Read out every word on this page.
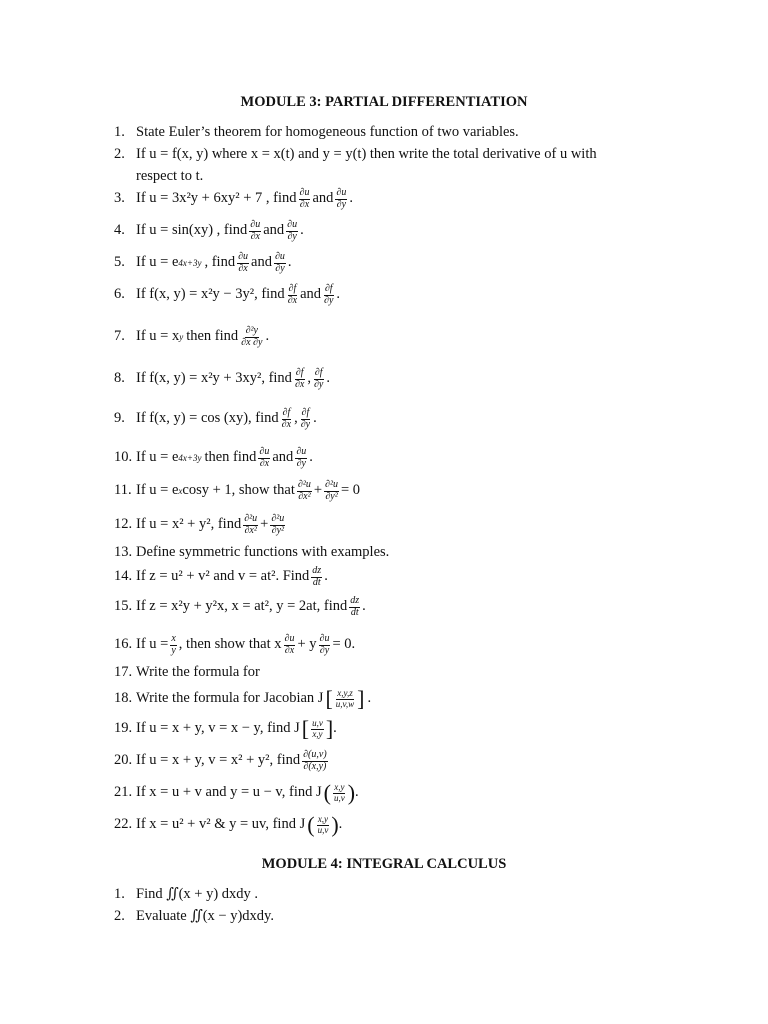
MODULE 3: PARTIAL DIFFERENTIATION
1. State Euler’s theorem for homogeneous function of two variables.
2. If u = f(x, y) where x = x(t) and y = y(t) then write the total derivative of u with
respect to t.
3. If u = 3x²y + 6xy² + 7 , find $\frac{\partial u}{\partial x}$ and $\frac{\partial u}{\partial y}$ .
4. If u = sin(xy) , find $\frac{\partial u}{\partial x}$ and $\frac{\partial u}{\partial y}$ .
5. If u = e 4x+3y , find $\frac{\partial u}{\partial x}$ and $\frac{\partial u}{\partial y}$ .
6. If f(x, y) = x²y − 3y², find $\frac{\partial f}{\partial x}$ and $\frac{\partial f}{\partial y}$ .
7. If u = x y then find $\frac{\text{∂²y}}{\partial x \partial y}$ .
8. If f(x, y) = x²y + 3xy², find $\frac{\partial f}{\partial x}$ , $\frac{\partial f}{\partial y}$ .
9. If f(x, y) = cos (xy), find $\frac{\partial f}{\partial x}$ , $\frac{\partial f}{\partial y}$ .
10. If u = e 4x+3y then find $\frac{\partial u}{\partial x}$ and $\frac{\partial u}{\partial y}$ .
11. If u = e x cosy + 1, show that $\frac{\text{∂²u}}{\text{∂x²}} + \frac{\text{∂²u}}{\text{∂y²}} = 0$
12. If u = x² + y², find $\frac{\text{∂²u}}{\text{∂x²}} + \frac{\text{∂²u}}{\text{∂y²}}$
13. Define symmetric functions with examples.
14. If z = u² + v² and v = at². Find $\frac{dz}{dt}$ .
15. If z = x²y + y²x, x = at², y = 2at, find $\frac{dz}{dt}$ .
16. If $u = \frac{x}{y}$ , then show that x $\frac{\partial u}{\partial x} + y \frac{\partial u}{\partial y} = 0$.
17. Write the formula for
18. Write the formula for Jacobian J [ $\frac{x,y,z}{u,v,w}$ ] .
19. If u = x + y, v = x − y, find J [ $\frac{u,v}{x,y}$ ] .
20. If u = x + y, v = x² + y², find $\frac{\partial(u,v)}{\partial(x,y)}$
21. If x = u + v and y = u − v, find J ( $\frac{x,y}{u,v}$ ) .
22. If x = u² + v² & y = uv, find J ( $\frac{x,y}{u,v}$ ) .
MODULE 4: INTEGRAL CALCULUS
1. Find ∬(x + y) dxdy .
2. Evaluate ∬(x − y)dxdy.
